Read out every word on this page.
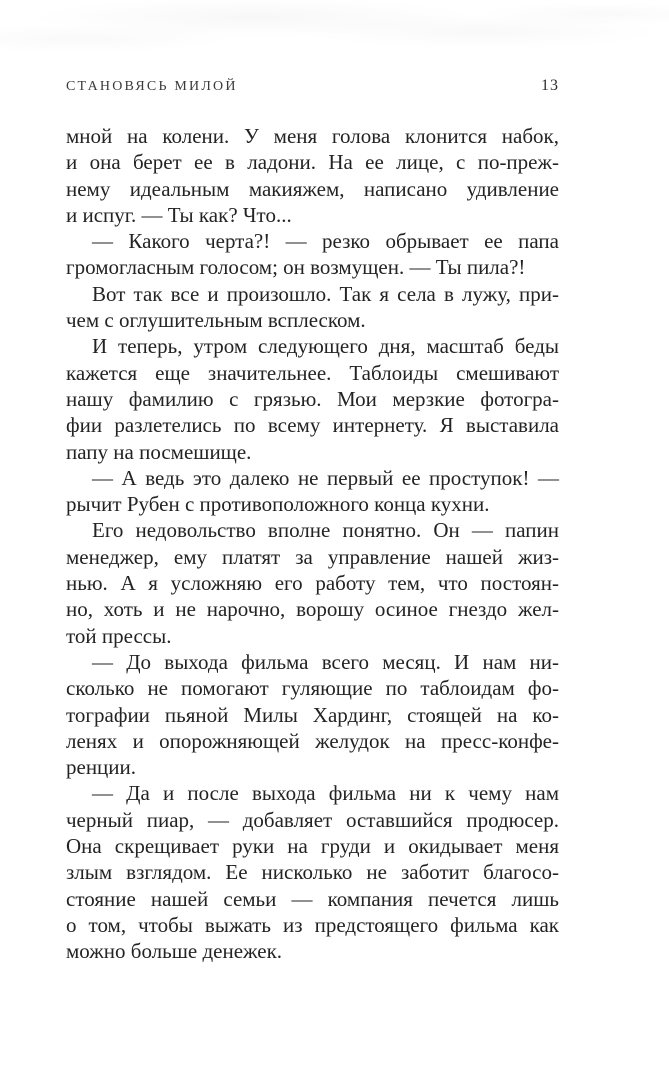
СТАНОВЯСЬ МИЛОЙ	13
мной на колени. У меня голова клонится набок,
и она берет ее в ладони. На ее лице, с по-преж-
нему идеальным макияжем, написано удивление
и испуг. — Ты как? Что...
— Какого черта?! — резко обрывает ее папа
громогласным голосом; он возмущен. — Ты пила?!
Вот так все и произошло. Так я села в лужу, при-
чем с оглушительным всплеском.
И теперь, утром следующего дня, масштаб беды
кажется еще значительнее. Таблоиды смешивают
нашу фамилию с грязью. Мои мерзкие фотогра-
фии разлетелись по всему интернету. Я выставила
папу на посмешище.
— А ведь это далеко не первый ее проступок! —
рычит Рубен с противоположного конца кухни.
Его недовольство вполне понятно. Он — папин
менеджер, ему платят за управление нашей жиз-
нью. А я усложняю его работу тем, что постоян-
но, хоть и не нарочно, ворошу осиное гнездо жел-
той прессы.
— До выхода фильма всего месяц. И нам ни-
сколько не помогают гуляющие по таблоидам фо-
тографии пьяной Милы Хардинг, стоящей на ко-
ленях и опорожняющей желудок на пресс-конфе-
ренции.
— Да и после выхода фильма ни к чему нам
черный пиар, — добавляет оставшийся продюсер.
Она скрещивает руки на груди и окидывает меня
злым взглядом. Ее нисколько не заботит благосо-
стояние нашей семьи — компания печется лишь
о том, чтобы выжать из предстоящего фильма как
можно больше денежек.
